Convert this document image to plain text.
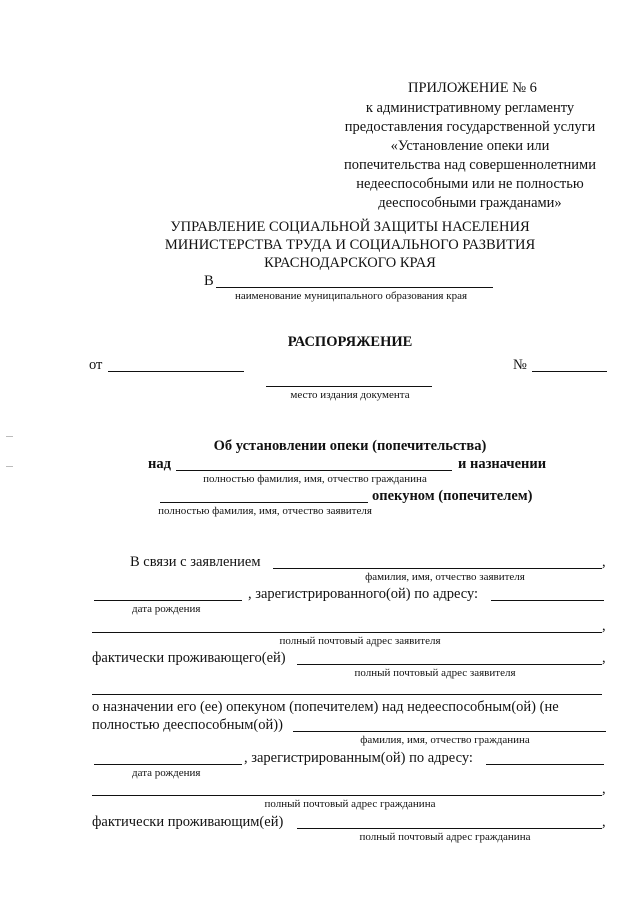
ПРИЛОЖЕНИЕ № 6
к административному регламенту
предоставления государственной услуги
«Установление опеки или
попечительства над совершеннолетними
недееспособными или не полностью
дееспособными гражданами»
УПРАВЛЕНИЕ СОЦИАЛЬНОЙ ЗАЩИТЫ НАСЕЛЕНИЯ
МИНИСТЕРСТВА ТРУДА И СОЦИАЛЬНОГО РАЗВИТИЯ
КРАСНОДАРСКОГО КРАЯ
В
наименование муниципального образования края
РАСПОРЯЖЕНИЕ
от	№
место издания документа
Об установлении опеки (попечительства)
над	и назначении
полностью фамилия, имя, отчество гражданина
опекуном (попечителем)
полностью фамилия, имя, отчество заявителя
В связи с заявлением	,
фамилия, имя, отчество заявителя
, зарегистрированного(ой) по адресу:
дата рождения
,
полный почтовый адрес заявителя
фактически проживающего(ей)	,
полный почтовый адрес заявителя
о назначении его (ее) опекуном (попечителем) над недееспособным(ой) (не
полностью дееспособным(ой))
фамилия, имя, отчество гражданина
, зарегистрированным(ой) по адресу:
дата рождения
,
полный почтовый адрес гражданина
фактически проживающим(ей)	,
полный почтовый адрес гражданина
